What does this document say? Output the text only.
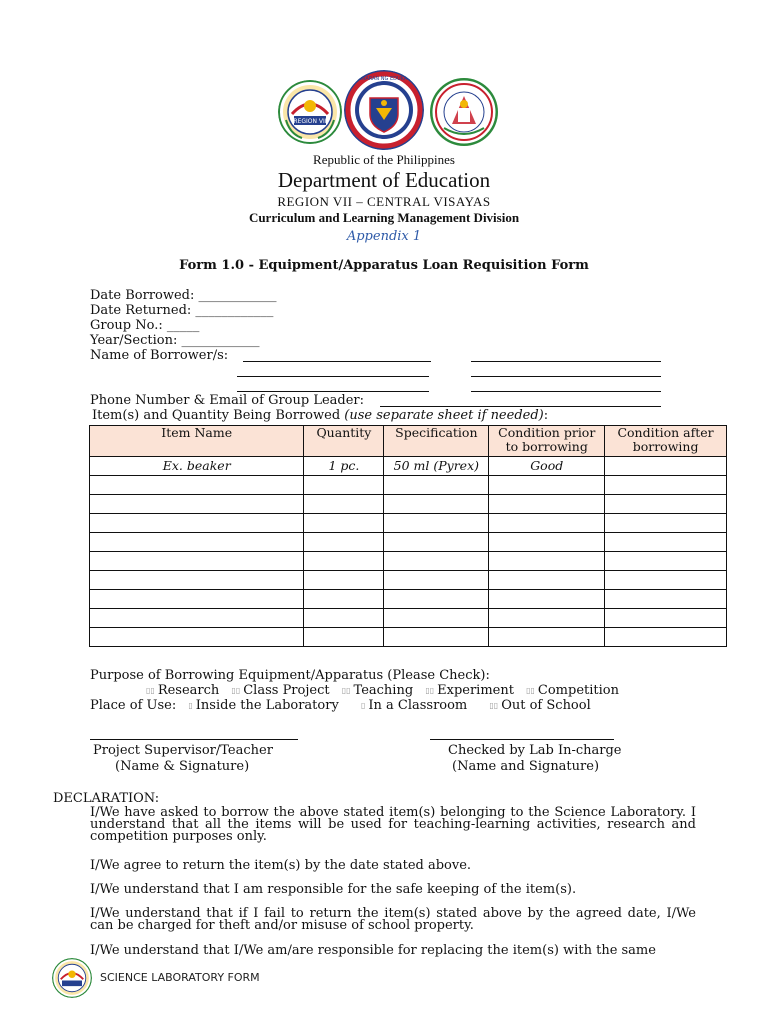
REGION VII
KAGAWARAN NG EDUKASYON
Republic of the Philippines
Department of Education
REGION VII – CENTRAL VISAYAS
Curriculum and Learning Management Division
Appendix 1
Form 1.0 - Equipment/Apparatus Loan Requisition Form
Date Borrowed: ____________
Date Returned: ____________
Group No.: _____
Year/Section: ____________
Name of Borrower/s:
Phone Number & Email of Group Leader:
Item(s) and Quantity Being Borrowed (use separate sheet if needed):
Item Name	Quantity	Specification	Condition prior to borrowing	Condition after borrowing
Ex. beaker	1 pc.	50 ml (Pyrex)	Good	

Purpose of Borrowing Equipment/Apparatus (Please Check):
▯▯ Research ▯▯ Class Project ▯▯ Teaching ▯▯ Experiment ▯▯ Competition
Place of Use: ▯ Inside the Laboratory	▯ In a Classroom	▯▯ Out of School
Project Supervisor/Teacher
(Name & Signature)
Checked by Lab In-charge
(Name and Signature)
DECLARATION:
I/We have asked to borrow the above stated item(s) belonging to the Science Laboratory. I understand that all the items will be used for teaching-learning activities, research and competition purposes only.
I/We agree to return the item(s) by the date stated above.
I/We understand that I am responsible for the safe keeping of the item(s).
I/We understand that if I fail to return the item(s) stated above by the agreed date, I/We can be charged for theft and/or misuse of school property.
I/We understand that I/We am/are responsible for replacing the item(s) with the same
SCIENCE LABORATORY FORM
